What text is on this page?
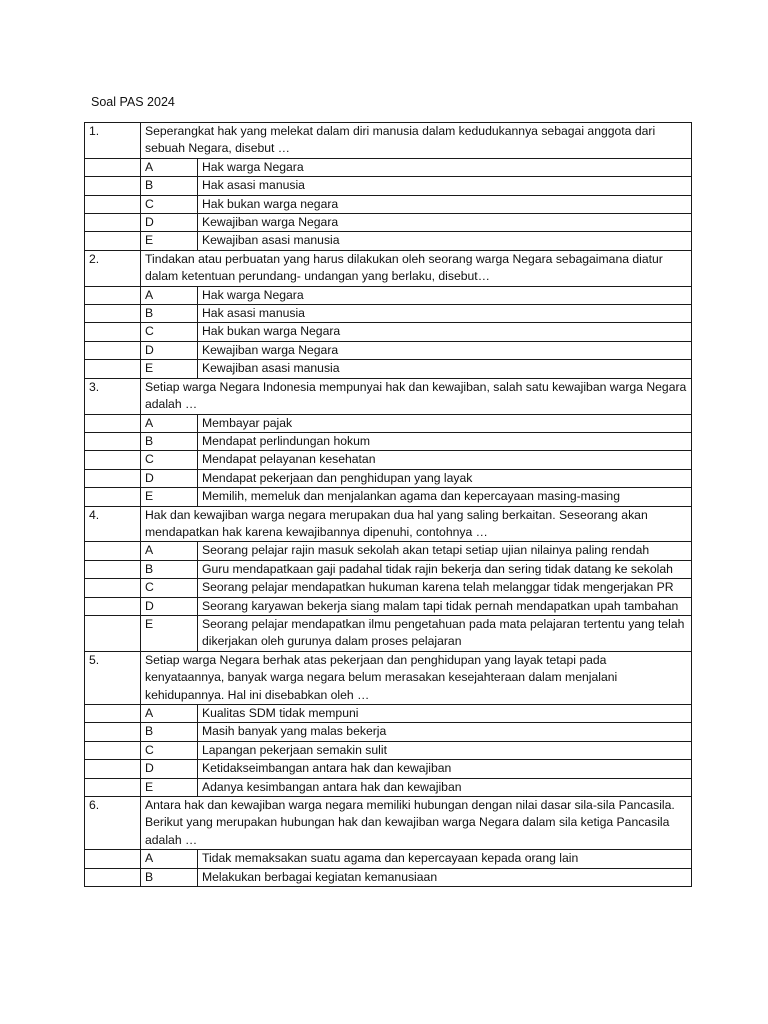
Soal PAS 2024
1.	Seperangkat hak yang melekat dalam diri manusia dalam kedudukannya sebagai anggota dari sebuah Negara, disebut …	
	A	Hak warga Negara
	B	Hak asasi manusia
	C	Hak bukan warga negara
	D	Kewajiban warga Negara
	E	Kewajiban asasi manusia
2.	Tindakan atau perbuatan yang harus dilakukan oleh seorang warga Negara sebagaimana diatur dalam ketentuan perundang- undangan yang berlaku, disebut…	
	A	Hak warga Negara
	B	Hak asasi manusia
	C	Hak bukan warga Negara
	D	Kewajiban warga Negara
	E	Kewajiban asasi manusia
3.	Setiap warga Negara Indonesia mempunyai hak dan kewajiban, salah satu kewajiban warga Negara adalah …	
	A	Membayar pajak
	B	Mendapat perlindungan hokum
	C	Mendapat pelayanan kesehatan
	D	Mendapat pekerjaan dan penghidupan yang layak
	E	Memilih, memeluk dan menjalankan agama dan kepercayaan masing-masing
4.	Hak dan kewajiban warga negara merupakan dua hal yang saling berkaitan. Seseorang akan mendapatkan hak karena kewajibannya dipenuhi, contohnya …	
	A	Seorang pelajar rajin masuk sekolah akan tetapi setiap ujian nilainya paling rendah
	B	Guru mendapatkaan gaji padahal tidak rajin bekerja dan sering tidak datang ke sekolah
	C	Seorang pelajar mendapatkan hukuman karena telah melanggar tidak mengerjakan PR
	D	Seorang karyawan bekerja siang malam tapi tidak pernah mendapatkan upah tambahan
	E	Seorang pelajar mendapatkan ilmu pengetahuan pada mata pelajaran tertentu yang telah dikerjakan oleh gurunya dalam proses pelajaran
5.	Setiap warga Negara berhak atas pekerjaan dan penghidupan yang layak tetapi pada kenyataannya, banyak warga negara belum merasakan kesejahteraan dalam menjalani kehidupannya. Hal ini disebabkan oleh …	
	A	Kualitas SDM tidak mempuni
	B	Masih banyak yang malas bekerja
	C	Lapangan pekerjaan semakin sulit
	D	Ketidakseimbangan antara hak dan kewajiban
	E	Adanya kesimbangan antara hak dan kewajiban
6.	Antara hak dan kewajiban warga negara memiliki hubungan dengan nilai dasar sila-sila Pancasila. Berikut yang merupakan hubungan hak dan kewajiban warga Negara dalam sila ketiga Pancasila adalah …	
	A	Tidak memaksakan suatu agama dan kepercayaan kepada orang lain
	B	Melakukan berbagai kegiatan kemanusiaan
